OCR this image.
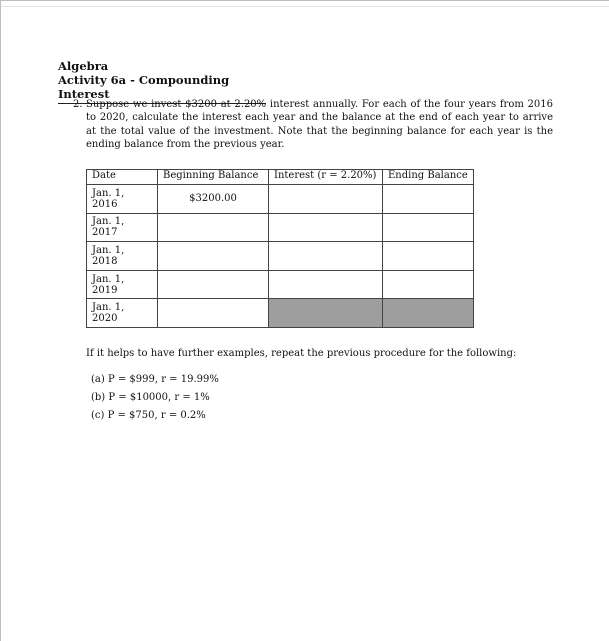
Algebra
Activity 6a - Compounding Interest
2. Suppose we invest $3200 at 2.20% interest annually. For each of the four years from 2016 to 2020, calculate the interest each year and the balance at the end of each year to arrive at the total value of the investment. Note that the beginning balance for each year is the ending balance from the previous year.
Date	Beginning Balance	Interest (r = 2.20%)	Ending Balance
Jan. 1, 2016	$3200.00		
Jan. 1, 2017			
Jan. 1, 2018			
Jan. 1, 2019			
Jan. 1, 2020			
If it helps to have further examples, repeat the previous procedure for the following:
(a) P = $999, r = 19.99%
(b) P = $10000, r = 1%
(c) P = $750, r = 0.2%
